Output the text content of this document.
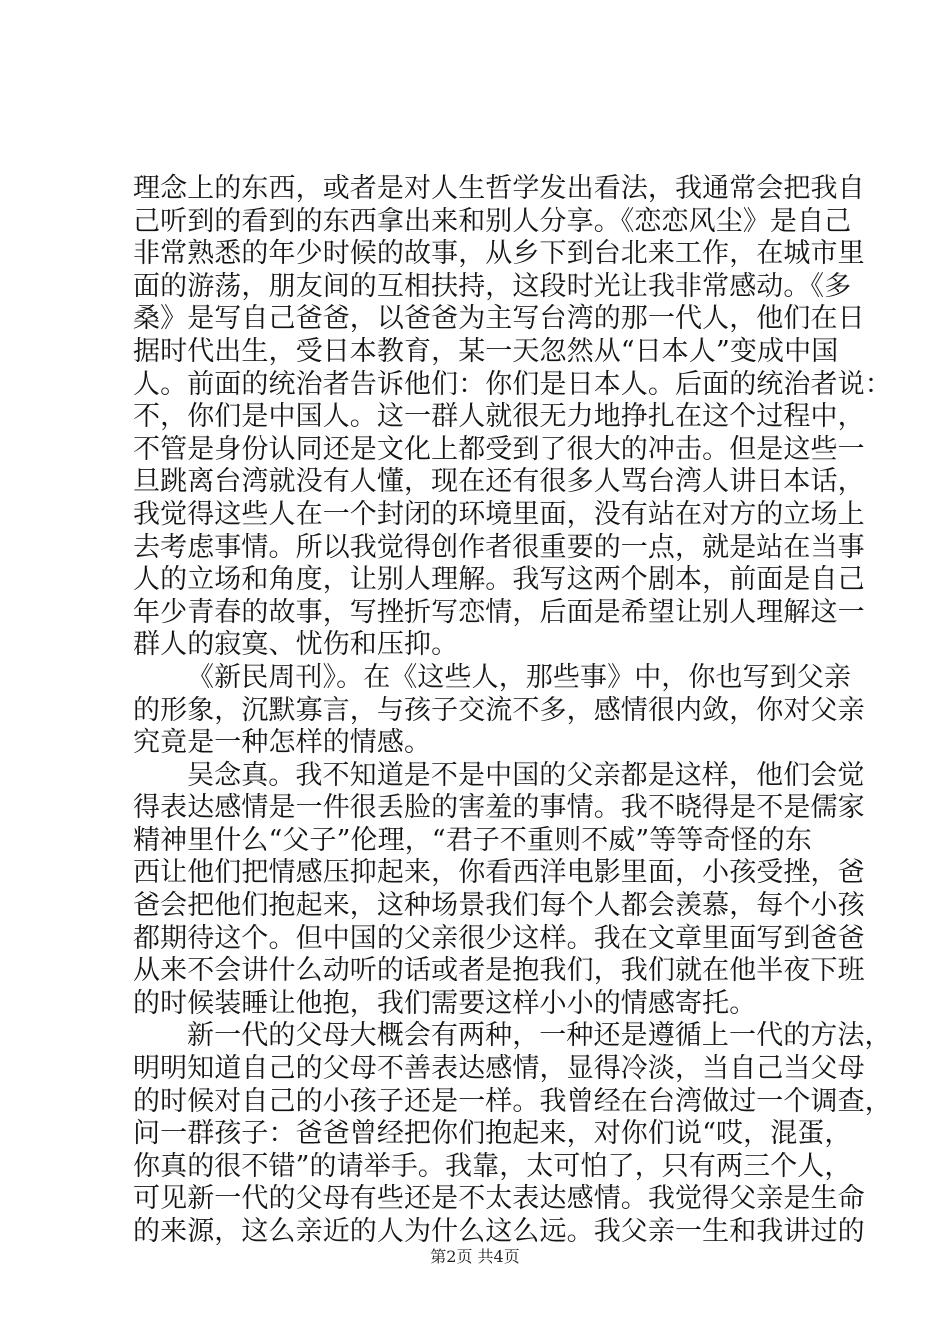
理念上的东西，或者是对人生哲学发出看法，我通常会把我自
己听到的看到的东西拿出来和别人分享。《恋恋风尘》是自己
非常熟悉的年少时候的故事，从乡下到台北来工作，在城市里
面的游荡，朋友间的互相扶持，这段时光让我非常感动。《多
桑》是写自己爸爸，以爸爸为主写台湾的那一代人，他们在日
据时代出生，受日本教育，某一天忽然从“日本人”变成中国
人。前面的统治者告诉他们：你们是日本人。后面的统治者说：
不，你们是中国人。这一群人就很无力地挣扎在这个过程中，
不管是身份认同还是文化上都受到了很大的冲击。但是这些一
旦跳离台湾就没有人懂，现在还有很多人骂台湾人讲日本话，
我觉得这些人在一个封闭的环境里面，没有站在对方的立场上
去考虑事情。所以我觉得创作者很重要的一点，就是站在当事
人的立场和角度，让别人理解。我写这两个剧本，前面是自己
年少青春的故事，写挫折写恋情，后面是希望让别人理解这一
群人的寂寞、忧伤和压抑。
《新民周刊》。在《这些人，那些事》中，你也写到父亲
的形象，沉默寡言，与孩子交流不多，感情很内敛，你对父亲
究竟是一种怎样的情感。
吴念真。我不知道是不是中国的父亲都是这样，他们会觉
得表达感情是一件很丢脸的害羞的事情。我不晓得是不是儒家
精神里什么“父子”伦理，“君子不重则不威”等等奇怪的东
西让他们把情感压抑起来，你看西洋电影里面，小孩受挫，爸
爸会把他们抱起来，这种场景我们每个人都会羡慕，每个小孩
都期待这个。但中国的父亲很少这样。我在文章里面写到爸爸
从来不会讲什么动听的话或者是抱我们，我们就在他半夜下班
的时候装睡让他抱，我们需要这样小小的情感寄托。
新一代的父母大概会有两种，一种还是遵循上一代的方法，
明明知道自己的父母不善表达感情，显得冷淡，当自己当父母
的时候对自己的小孩子还是一样。我曾经在台湾做过一个调查，
问一群孩子：爸爸曾经把你们抱起来，对你们说“哎，混蛋，
你真的很不错”的请举手。我靠，太可怕了，只有两三个人，
可见新一代的父母有些还是不太表达感情。我觉得父亲是生命
的来源，这么亲近的人为什么这么远。我父亲一生和我讲过的
第2页 共4页
